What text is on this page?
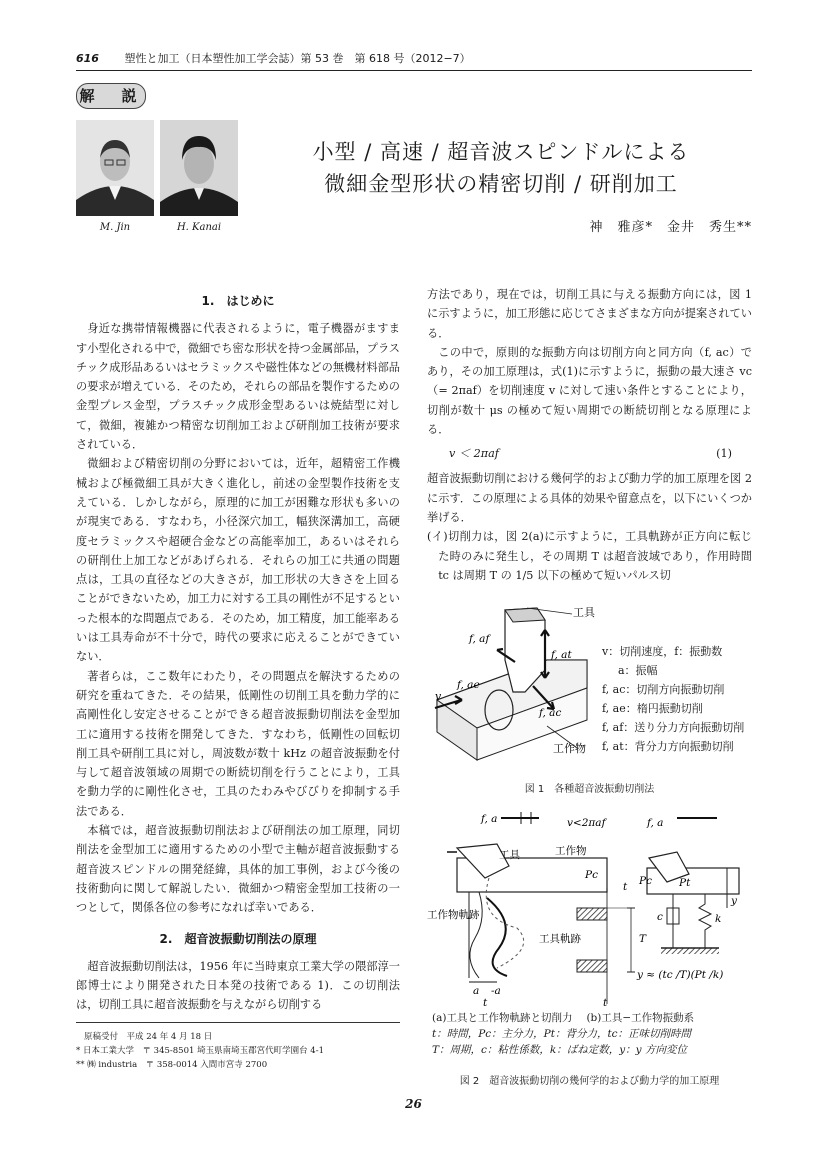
616 塑性と加工（日本塑性加工学会誌）第 53 巻　第 618 号（2012−7）
解　説
M. Jin	H. Kanai
小型 / 高速 / 超音波スピンドルによる
微細金型形状の精密切削 / 研削加工
神　雅彦*　金井　秀生**
1.　はじめに

身近な携帯情報機器に代表されるように，電子機器がますます小型化される中で，微細でち密な形状を持つ金属部品，プラスチック成形品あるいはセラミックスや磁性体などの無機材料部品の要求が増えている．そのため，それらの部品を製作するための金型プレス金型，プラスチック成形金型あるいは焼結型に対して，微細，複雑かつ精密な切削加工および研削加工技術が要求されている．

微細および精密切削の分野においては，近年，超精密工作機械および極微細工具が大きく進化し，前述の金型製作技術を支えている．しかしながら，原理的に加工が困難な形状も多いのが現実である．すなわち，小径深穴加工，幅狭深溝加工，高硬度セラミックスや超硬合金などの高能率加工，あるいはそれらの研削仕上加工などがあげられる．それらの加工に共通の問題点は，工具の直径などの大きさが，加工形状の大きさを上回ることができないため，加工力に対する工具の剛性が不足するといった根本的な問題点である．そのため，加工精度，加工能率あるいは工具寿命が不十分で，時代の要求に応えることができていない．

著者らは，ここ数年にわたり，その問題点を解決するための研究を重ねてきた．その結果，低剛性の切削工具を動力学的に高剛性化し安定させることができる超音波振動切削法を金型加工に適用する技術を開発してきた．すなわち，低剛性の回転切削工具や研削工具に対し，周波数が数十 kHz の超音波振動を付与して超音波領域の周期での断続切削を行うことにより，工具を動力学的に剛性化させ，工具のたわみやびびりを抑制する手法である．

本稿では，超音波振動切削法および研削法の加工原理，同切削法を金型加工に適用するための小型で主軸が超音波振動する超音波スピンドルの開発経緯，具体的加工事例，および今後の技術動向に関して解説したい．微細かつ精密金型加工技術の一つとして，関係各位の参考になれば幸いである．

2.　超音波振動切削法の原理

超音波振動切削法は，1956 年に当時東京工業大学の隈部淳一郎博士により開発された日本発の技術である 1)．この切削法は，切削工具に超音波振動を与えながら切削する

原稿受付　平成 24 年 4 月 18 日
* 日本工業大学　〒 345-8501 埼玉県南埼玉郡宮代町学園台 4-1
** ㈱ industria　〒 358-0014 入間市宮寺 2700

方法であり，現在では，切削工具に与える振動方向には，図 1 に示すように，加工形態に応じてさまざまな方向が提案されている．

この中で，原則的な振動方向は切削方向と同方向（f, ac）であり，その加工原理は，式(1)に示すように，振動の最大速さ vc（= 2πaf）を切削速度 v に対して速い条件とすることにより，切削が数十 μs の極めて短い周期での断続切削となる原理による．

v ＜ 2πaf	(1)

超音波振動切削における幾何学的および動力学的加工原理を図 2 に示す．この原理による具体的効果や留意点を，以下にいくつか挙げる．

(イ)切削力は，図 2(a)に示すように，工具軌跡が正方向に転じた時のみに発生し，その周期 T は超音波域であり，作用時間 tc は周期 T の 1/5 以下の極めて短いパルス切

工具
工作物
f, af
f, at
f, ae
f, ac
v
v：切削速度，f：振動数
a：振幅
f, ac：切削方向振動切削
f, ae：楕円振動切削
f, af：送り分力方向振動切削
f, at：背分力方向振動切削
図 1　各種超音波振動切削法
f, a	v<2πaf	f, a
工具	工作物
工作物軌跡
工具軌跡
Pc
T
t Pc	Pt
y
c	k
a -a
t	t
y ≈ (tc /T)(Pt /k)
(a)工具と工作物軌跡と切削力 (b)工具−工作物振動系
t：時間，Pc：主分力，Pt：背分力，tc：正味切削時間
T：周期，c：粘性係数，k：ばね定数，y：y 方向変位
図 2　超音波振動切削の幾何学的および動力学的加工原理
26
